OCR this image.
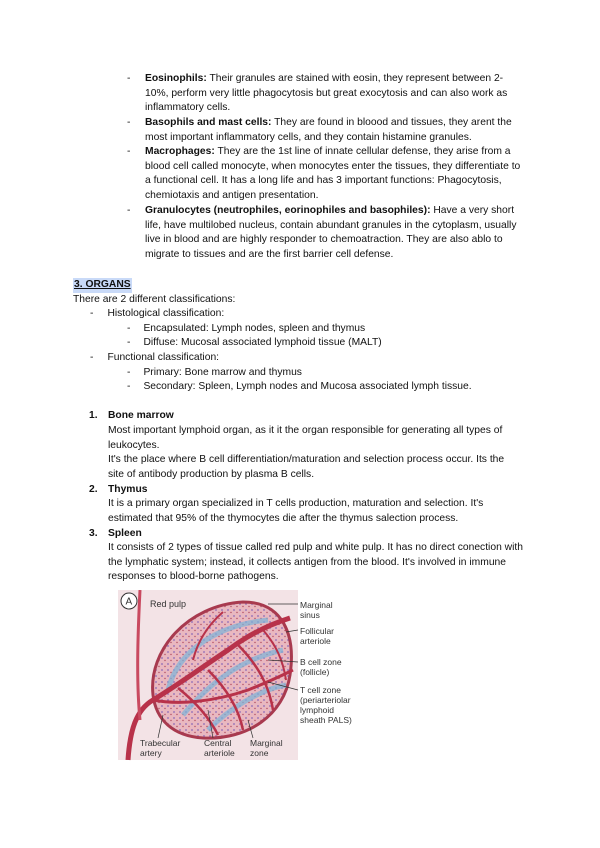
- Eosinophils: Their granules are stained with eosin, they represent between 2-10%, perform very little phagocytosis but great exocytosis and can also work as inflammatory cells.
- Basophils and mast cells: They are found in bloood and tissues, they arent the most important inflammatory cells, and they contain histamine granules.
- Macrophages: They are the 1st line of innate cellular defense, they arise from a blood cell called monocyte, when monocytes enter the tissues, they differentiate to a functional cell. It has a long life and has 3 important functions: Phagocytosis, chemiotaxis and antigen presentation.
- Granulocytes (neutrophiles, eorinophiles and basophiles): Have a very short life, have multilobed nucleus, contain abundant granules in the cytoplasm, usually live in blood and are highly responder to chemoatraction. They are also ablo to migrate to tissues and are the first barrier cell defense.
3. ORGANS
There are 2 different classifications:
- Histological classification:
- Encapsulated: Lymph nodes, spleen and thymus
- Diffuse: Mucosal associated lymphoid tissue (MALT)
- Functional classification:
- Primary: Bone marrow and thymus
- Secondary: Spleen, Lymph nodes and Mucosa associated lymph tissue.
1. Bone marrow
Most important lymphoid organ, as it it the organ responsible for generating all types of leukocytes.
It's the place where B cell differentiation/maturation and selection process occur. Its the site of antibody production by plasma B cells.
2. Thymus
It is a primary organ specialized in T cells production, maturation and selection. It's estimated that 95% of the thymocytes die after the thymus salection process.
3. Spleen
It consists of 2 types of tissue called red pulp and white pulp. It has no direct conection with the lymphatic system; instead, it collects antigen from the blood. It's involved in immune responses to blood-borne pathogens.
A Red pulp	Marginal
sinus
Follicular
arteriole
B cell zone
(follicle)
T cell zone
(periarteriolar
lymphoid
sheath PALS)
Trabecular
artery
Central
arteriole
Marginal
zone
